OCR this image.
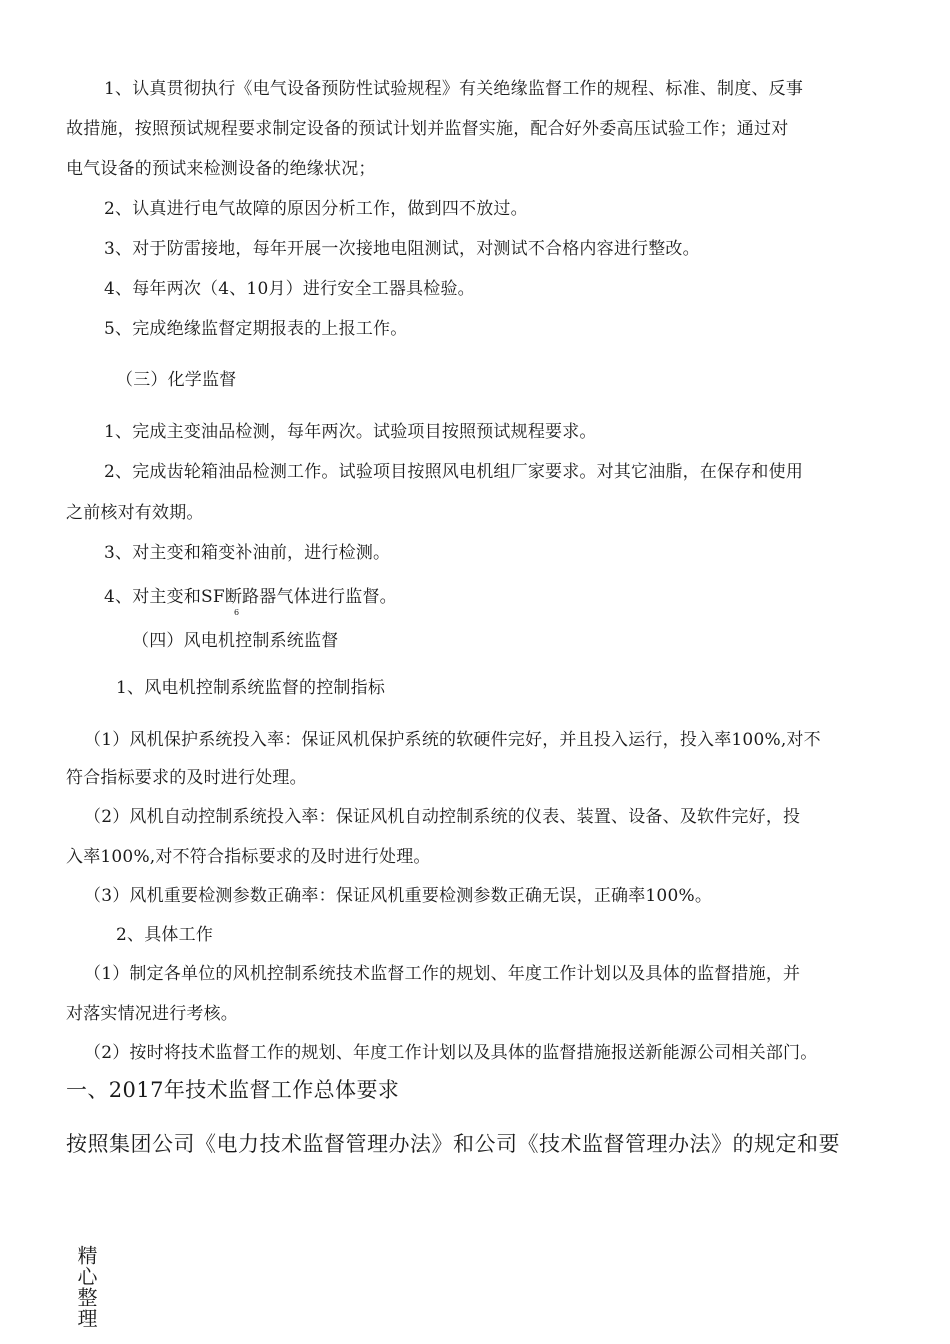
1、认真贯彻执行《电气设备预防性试验规程》有关绝缘监督工作的规程、标准、制度、反事
故措施，按照预试规程要求制定设备的预试计划并监督实施，配合好外委高压试验工作；通过对
电气设备的预试来检测设备的绝缘状况；
2、认真进行电气故障的原因分析工作，做到四不放过。
3、对于防雷接地，每年开展一次接地电阻测试，对测试不合格内容进行整改。
4、每年两次（4、10月）进行安全工器具检验。
5、完成绝缘监督定期报表的上报工作。
（三）化学监督
1、完成主变油品检测，每年两次。试验项目按照预试规程要求。
2、完成齿轮箱油品检测工作。试验项目按照风电机组厂家要求。对其它油脂，在保存和使用
之前核对有效期。
3、对主变和箱变补油前，进行检测。
4、对主变和SF断路器气体进行监督。
6
（四）风电机控制系统监督
1、风电机控制系统监督的控制指标
（1）风机保护系统投入率：保证风机保护系统的软硬件完好，并且投入运行，投入率100%,对不
符合指标要求的及时进行处理。
（2）风机自动控制系统投入率：保证风机自动控制系统的仪表、装置、设备、及软件完好，投
入率100%,对不符合指标要求的及时进行处理。
（3）风机重要检测参数正确率：保证风机重要检测参数正确无误，正确率100%。
2、具体工作
（1）制定各单位的风机控制系统技术监督工作的规划、年度工作计划以及具体的监督措施，并
对落实情况进行考核。
（2）按时将技术监督工作的规划、年度工作计划以及具体的监督措施报送新能源公司相关部门。
一、2017年技术监督工作总体要求
按照集团公司《电力技术监督管理办法》和公司《技术监督管理办法》的规定和要
精心整理
